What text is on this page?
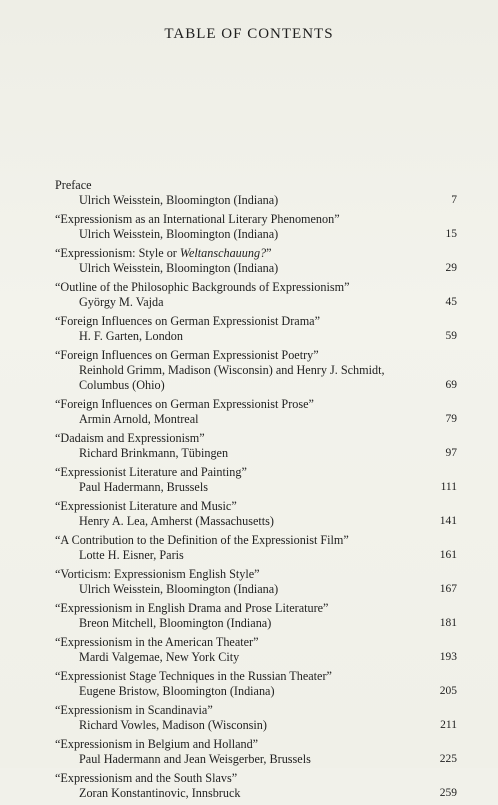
TABLE OF CONTENTS
Preface
Ulrich Weisstein, Bloomington (Indiana)	7
“Expressionism as an International Literary Phenomenon”
Ulrich Weisstein, Bloomington (Indiana)	15
“Expressionism: Style or Weltanschauung?”
Ulrich Weisstein, Bloomington (Indiana)	29
“Outline of the Philosophic Backgrounds of Expressionism”
György M. Vajda	45
“Foreign Influences on German Expressionist Drama”
H. F. Garten, London	59
“Foreign Influences on German Expressionist Poetry”
Reinhold Grimm, Madison (Wisconsin) and Henry J. Schmidt, Columbus (Ohio)	69
“Foreign Influences on German Expressionist Prose”
Armin Arnold, Montreal	79
“Dadaism and Expressionism”
Richard Brinkmann, Tübingen	97
“Expressionist Literature and Painting”
Paul Hadermann, Brussels	111
“Expressionist Literature and Music”
Henry A. Lea, Amherst (Massachusetts)	141
“A Contribution to the Definition of the Expressionist Film”
Lotte H. Eisner, Paris	161
“Vorticism: Expressionism English Style”
Ulrich Weisstein, Bloomington (Indiana)	167
“Expressionism in English Drama and Prose Literature”
Breon Mitchell, Bloomington (Indiana)	181
“Expressionism in the American Theater”
Mardi Valgemae, New York City	193
“Expressionist Stage Techniques in the Russian Theater”
Eugene Bristow, Bloomington (Indiana)	205
“Expressionism in Scandinavia”
Richard Vowles, Madison (Wisconsin)	211
“Expressionism in Belgium and Holland”
Paul Hadermann and Jean Weisgerber, Brussels	225
“Expressionism and the South Slavs”
Zoran Konstantinovic, Innsbruck	259
